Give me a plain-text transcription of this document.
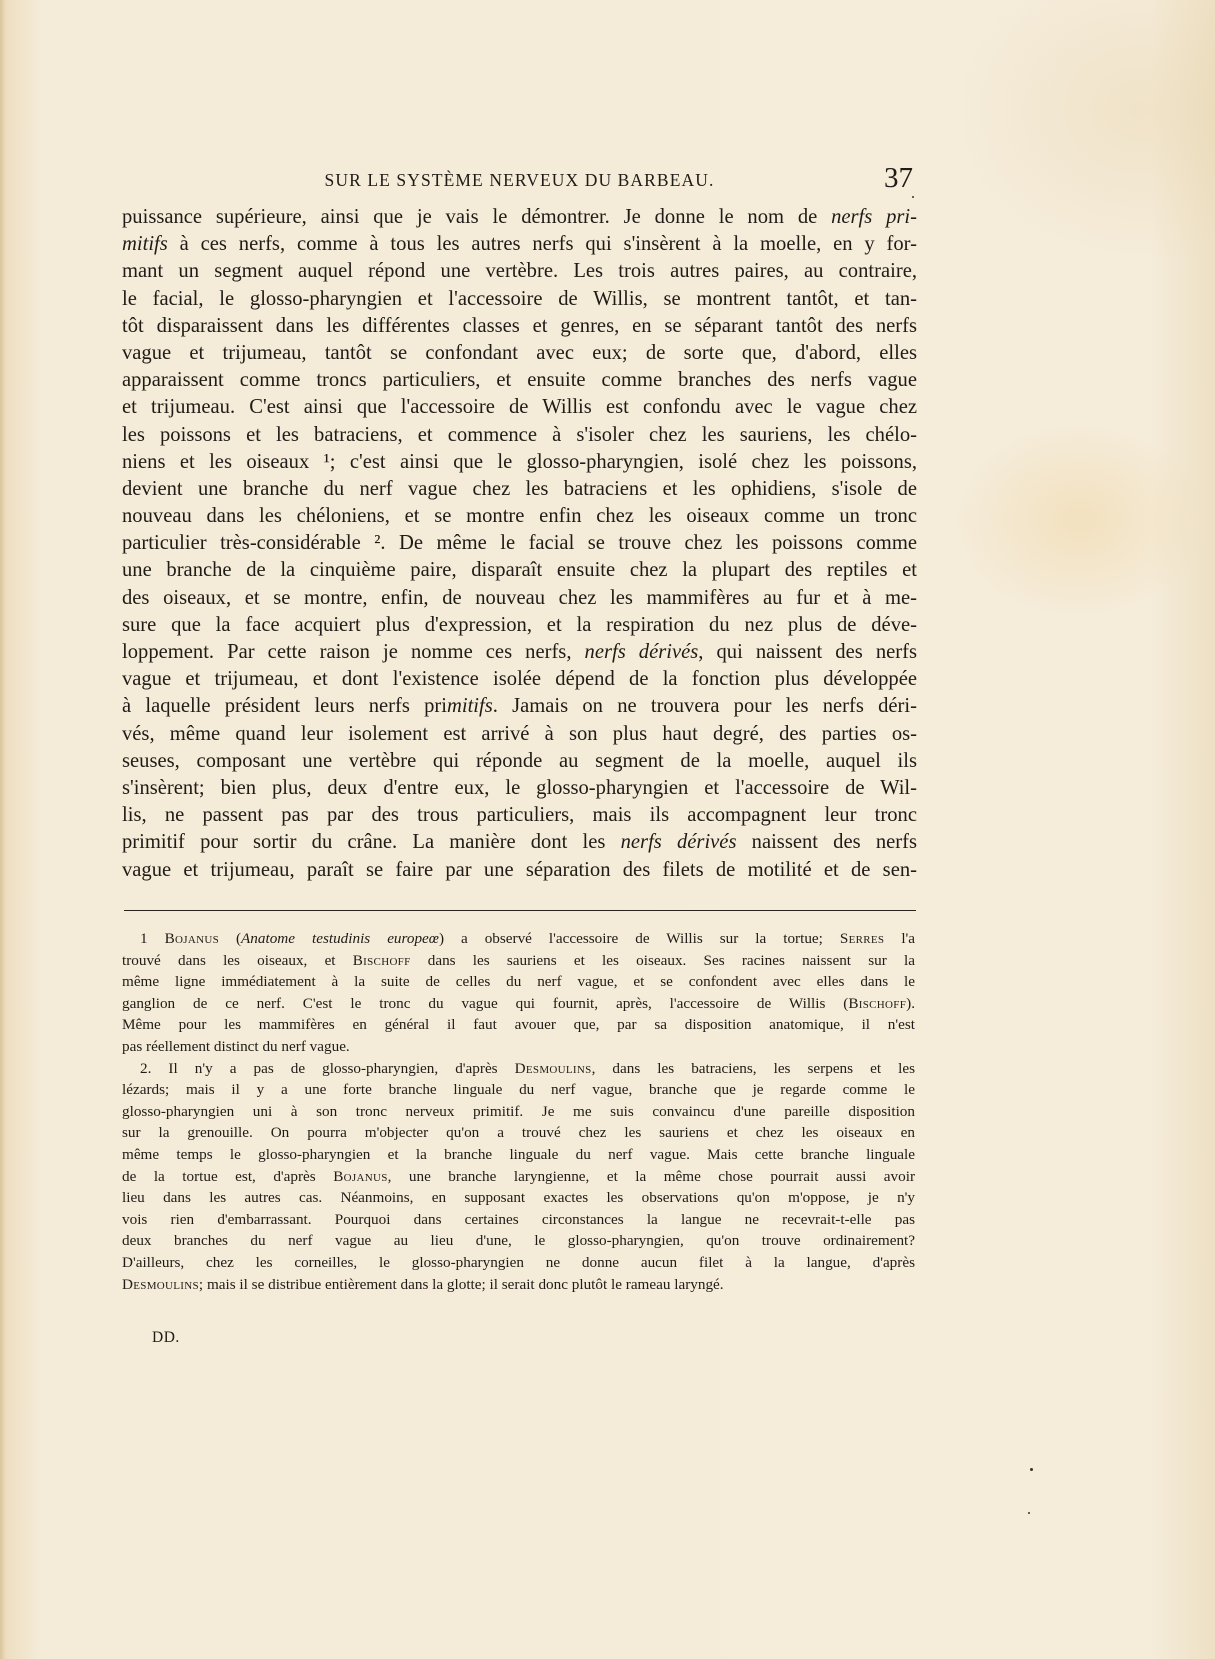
SUR LE SYSTÈME NERVEUX DU BARBEAU.	37
puissance supérieure, ainsi que je vais le démontrer. Je donne le nom de nerfs pri-
mitifs à ces nerfs, comme à tous les autres nerfs qui s'insèrent à la moelle, en y for-
mant un segment auquel répond une vertèbre. Les trois autres paires, au contraire,
le facial, le glosso-pharyngien et l'accessoire de Willis, se montrent tantôt, et tan-
tôt disparaissent dans les différentes classes et genres, en se séparant tantôt des nerfs
vague et trijumeau, tantôt se confondant avec eux; de sorte que, d'abord, elles
apparaissent comme troncs particuliers, et ensuite comme branches des nerfs vague
et trijumeau. C'est ainsi que l'accessoire de Willis est confondu avec le vague chez
les poissons et les batraciens, et commence à s'isoler chez les sauriens, les chélo-
niens et les oiseaux ¹; c'est ainsi que le glosso-pharyngien, isolé chez les poissons,
devient une branche du nerf vague chez les batraciens et les ophidiens, s'isole de
nouveau dans les chéloniens, et se montre enfin chez les oiseaux comme un tronc
particulier très-considérable ². De même le facial se trouve chez les poissons comme
une branche de la cinquième paire, disparaît ensuite chez la plupart des reptiles et
des oiseaux, et se montre, enfin, de nouveau chez les mammifères au fur et à me-
sure que la face acquiert plus d'expression, et la respiration du nez plus de déve-
loppement. Par cette raison je nomme ces nerfs, nerfs dérivés, qui naissent des nerfs
vague et trijumeau, et dont l'existence isolée dépend de la fonction plus développée
à laquelle président leurs nerfs primitifs. Jamais on ne trouvera pour les nerfs déri-
vés, même quand leur isolement est arrivé à son plus haut degré, des parties os-
seuses, composant une vertèbre qui réponde au segment de la moelle, auquel ils
s'insèrent; bien plus, deux d'entre eux, le glosso-pharyngien et l'accessoire de Wil-
lis, ne passent pas par des trous particuliers, mais ils accompagnent leur tronc
primitif pour sortir du crâne. La manière dont les nerfs dérivés naissent des nerfs
vague et trijumeau, paraît se faire par une séparation des filets de motilité et de sen-
1 Bojanus (Anatome testudinis europeœ) a observé l'accessoire de Willis sur la tortue; Serres l'a
trouvé dans les oiseaux, et Bischoff dans les sauriens et les oiseaux. Ses racines naissent sur la
même ligne immédiatement à la suite de celles du nerf vague, et se confondent avec elles dans le
ganglion de ce nerf. C'est le tronc du vague qui fournit, après, l'accessoire de Willis (Bischoff).
Même pour les mammifères en général il faut avouer que, par sa disposition anatomique, il n'est
pas réellement distinct du nerf vague.
2. Il n'y a pas de glosso-pharyngien, d'après Desmoulins, dans les batraciens, les serpens et les
lézards; mais il y a une forte branche linguale du nerf vague, branche que je regarde comme le
glosso-pharyngien uni à son tronc nerveux primitif. Je me suis convaincu d'une pareille disposition
sur la grenouille. On pourra m'objecter qu'on a trouvé chez les sauriens et chez les oiseaux en
même temps le glosso-pharyngien et la branche linguale du nerf vague. Mais cette branche linguale
de la tortue est, d'après Bojanus, une branche laryngienne, et la même chose pourrait aussi avoir
lieu dans les autres cas. Néanmoins, en supposant exactes les observations qu'on m'oppose, je n'y
vois rien d'embarrassant. Pourquoi dans certaines circonstances la langue ne recevrait-t-elle pas
deux branches du nerf vague au lieu d'une, le glosso-pharyngien, qu'on trouve ordinairement?
D'ailleurs, chez les corneilles, le glosso-pharyngien ne donne aucun filet à la langue, d'après
Desmoulins; mais il se distribue entièrement dans la glotte; il serait donc plutôt le rameau laryngé.
DD.
